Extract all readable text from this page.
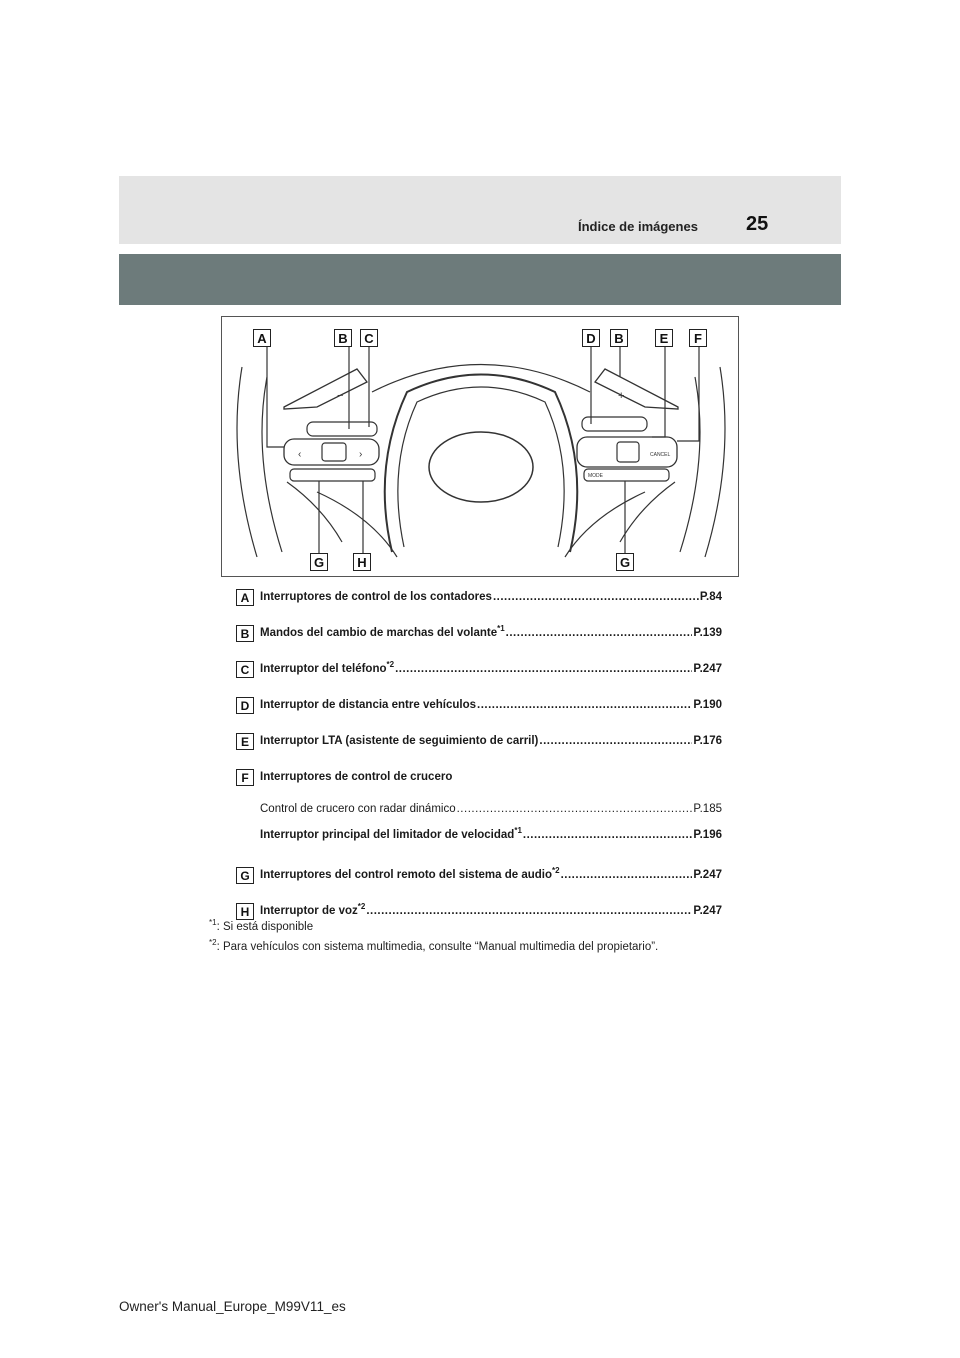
Índice de imágenes 25
−	+
‹	›	CANCEL
MODE
A	B	C	D	B	E	F
G	H	G
A Interruptores de control de los contadores .....	P.84
B Mandos del cambio de marchas del volante$^{*1}$ .....	P.139
C Interruptor del teléfono$^{*2}$ .....	P.247
D Interruptor de distancia entre vehículos .....	P.190
E Interruptor LTA (asistente de seguimiento de carril) .....	P.176
F Interruptores de control de crucero
Control de crucero con radar dinámico .....	P.185
Interruptor principal del limitador de velocidad$^{*1}$ .....	P.196
G Interruptores del control remoto del sistema de audio$^{*2}$ .....	P.247
H Interruptor de voz$^{*2}$ .....	P.247
$^{*1}$: Si está disponible
$^{*2}$: Para vehículos con sistema multimedia, consulte “Manual multimedia del propietario”.
Owner's Manual_Europe_M99V11_es
